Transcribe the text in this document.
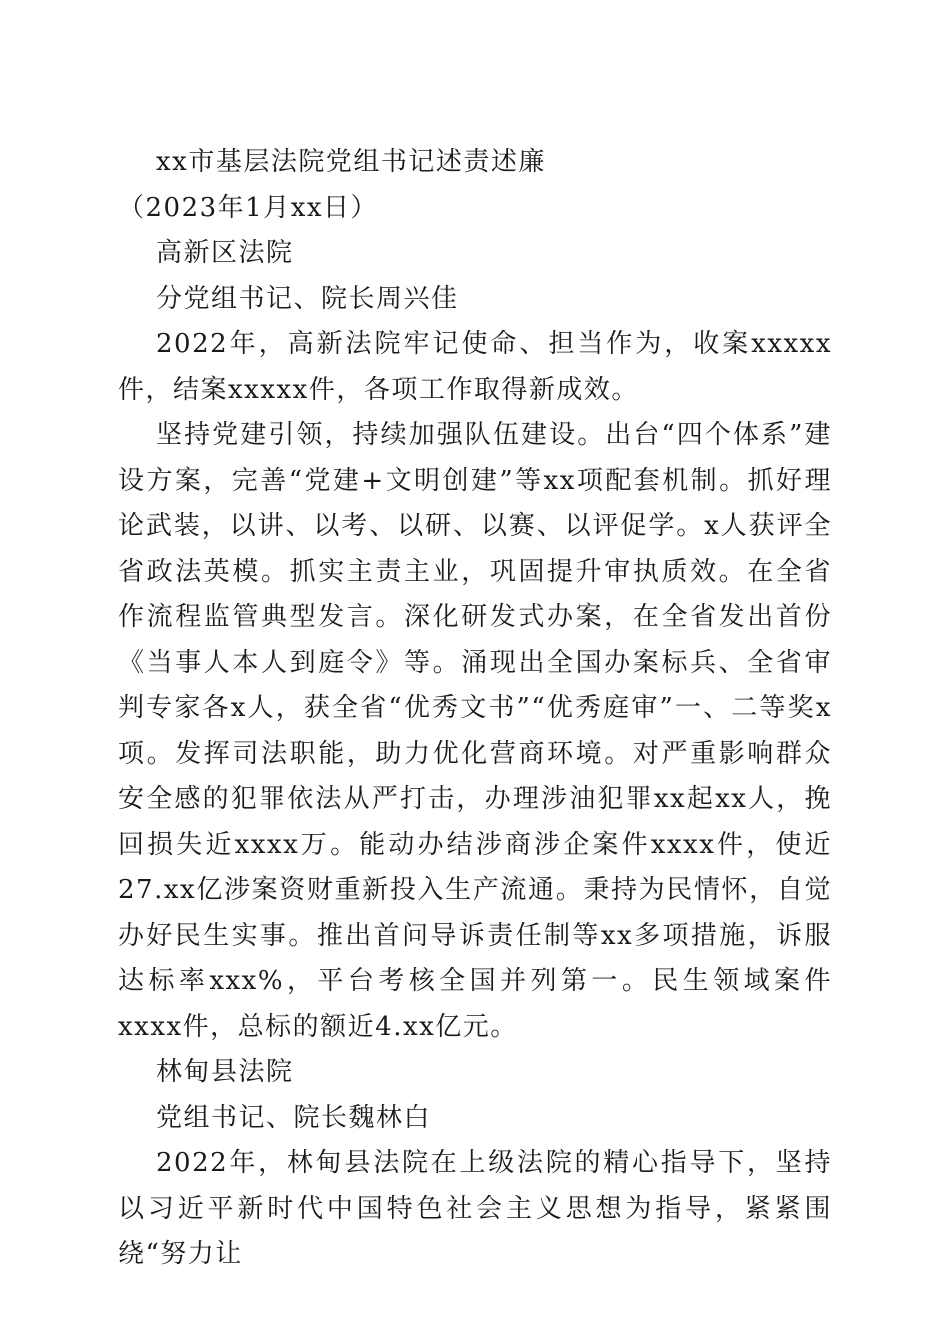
xx市基层法院党组书记述责述廉

（2023年1月xx日）

高新区法院

分党组书记、院长周兴佳

2022年，高新法院牢记使命、担当作为，收案xxxxx件，结案xxxxx件，各项工作取得新成效。

坚持党建引领，持续加强队伍建设。出台“四个体系”建设方案，完善“党建+文明创建”等xx项配套机制。抓好理论武装，以讲、以考、以研、以赛、以评促学。x人获评全省政法英模。抓实主责主业，巩固提升审执质效。在全省作流程监管典型发言。深化研发式办案，在全省发出首份《当事人本人到庭令》等。涌现出全国办案标兵、全省审判专家各x人，获全省“优秀文书”“优秀庭审”一、二等奖x项。发挥司法职能，助力优化营商环境。对严重影响群众安全感的犯罪依法从严打击，办理涉油犯罪xx起xx人，挽回损失近xxxx万。能动办结涉商涉企案件xxxx件，使近27.xx亿涉案资财重新投入生产流通。秉持为民情怀，自觉办好民生实事。推出首问导诉责任制等xx多项措施，诉服达标率xxx%，平台考核全国并列第一。民生领域案件xxxx件，总标的额近4.xx亿元。

林甸县法院

党组书记、院长魏林白

2022年，林甸县法院在上级法院的精心指导下，坚持以习近平新时代中国特色社会主义思想为指导，紧紧围绕“努力让
